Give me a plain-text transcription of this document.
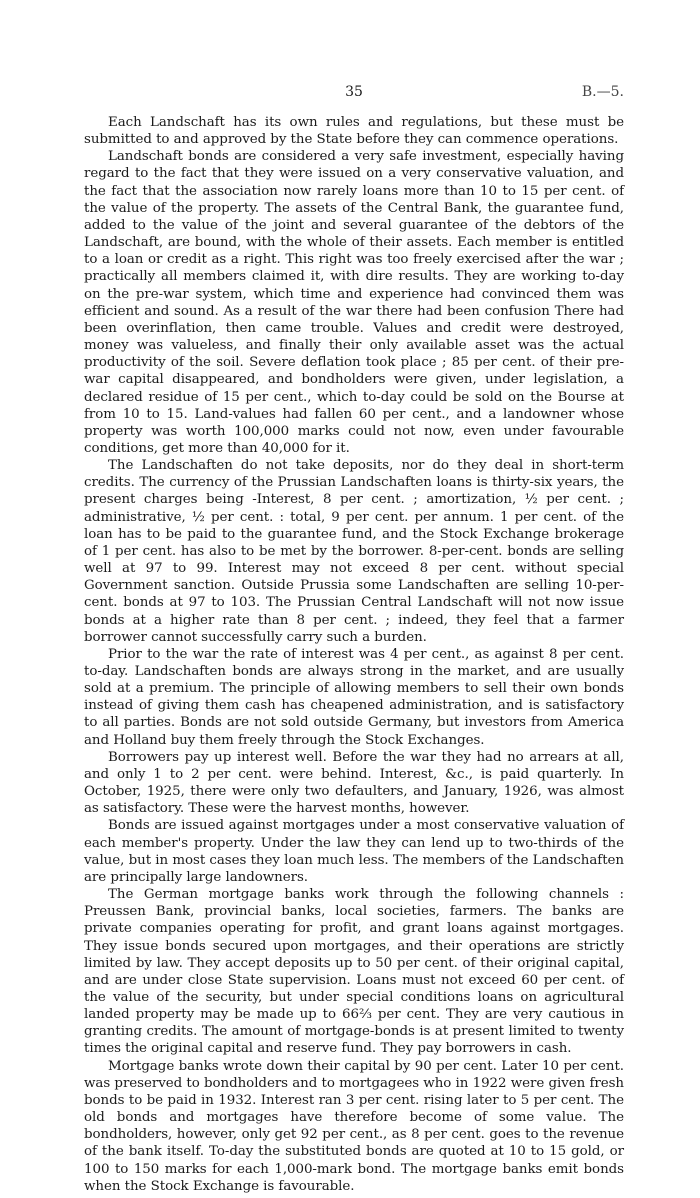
35	B.—5.

Each Landschaft has its own rules and regulations, but these must be submitted to and approved by the State before they can commence operations.

Landschaft bonds are considered a very safe investment, especially having regard to the fact that they were issued on a very conservative valuation, and the fact that the association now rarely loans more than 10 to 15 per cent. of the value of the property. The assets of the Central Bank, the guarantee fund, added to the value of the joint and several guarantee of the debtors of the Landschaft, are bound, with the whole of their assets. Each member is entitled to a loan or credit as a right. This right was too freely exercised after the war ; practically all members claimed it, with dire results. They are working to-day on the pre-war system, which time and experience had convinced them was efficient and sound. As a result of the war there had been confusion There had been overinflation, then came trouble. Values and credit were destroyed, money was valueless, and finally their only available asset was the actual productivity of the soil. Severe deflation took place ; 85 per cent. of their pre-war capital disappeared, and bondholders were given, under legislation, a declared residue of 15 per cent., which to-day could be sold on the Bourse at from 10 to 15. Land-values had fallen 60 per cent., and a landowner whose property was worth 100,000 marks could not now, even under favourable conditions, get more than 40,000 for it.

The Landschaften do not take deposits, nor do they deal in short-term credits. The currency of the Prussian Landschaften loans is thirty-six years, the present charges being -Interest, 8 per cent. ; amortization, ½ per cent. ; administrative, ½ per cent. : total, 9 per cent. per annum. 1 per cent. of the loan has to be paid to the guarantee fund, and the Stock Exchange brokerage of 1 per cent. has also to be met by the borrower. 8-per-cent. bonds are selling well at 97 to 99. Interest may not exceed 8 per cent. without special Government sanction. Outside Prussia some Landschaften are selling 10-per-cent. bonds at 97 to 103. The Prussian Central Landschaft will not now issue bonds at a higher rate than 8 per cent. ; indeed, they feel that a farmer borrower cannot successfully carry such a burden.

Prior to the war the rate of interest was 4 per cent., as against 8 per cent. to-day. Landschaften bonds are always strong in the market, and are usually sold at a premium. The principle of allowing members to sell their own bonds instead of giving them cash has cheapened administration, and is satisfactory to all parties. Bonds are not sold outside Germany, but investors from America and Holland buy them freely through the Stock Exchanges.

Borrowers pay up interest well. Before the war they had no arrears at all, and only 1 to 2 per cent. were behind. Interest, &c., is paid quarterly. In October, 1925, there were only two defaulters, and January, 1926, was almost as satisfactory. These were the harvest months, however.

Bonds are issued against mortgages under a most conservative valuation of each member's property. Under the law they can lend up to two-thirds of the value, but in most cases they loan much less. The members of the Landschaften are principally large landowners.

The German mortgage banks work through the following channels : Preussen Bank, provincial banks, local societies, farmers. The banks are private companies operating for profit, and grant loans against mortgages. They issue bonds secured upon mortgages, and their operations are strictly limited by law. They accept deposits up to 50 per cent. of their original capital, and are under close State supervision. Loans must not exceed 60 per cent. of the value of the security, but under special conditions loans on agricultural landed property may be made up to 66⅔ per cent. They are very cautious in granting credits. The amount of mortgage-bonds is at present limited to twenty times the original capital and reserve fund. They pay borrowers in cash.

Mortgage banks wrote down their capital by 90 per cent. Later 10 per cent. was preserved to bondholders and to mortgagees who in 1922 were given fresh bonds to be paid in 1932. Interest ran 3 per cent. rising later to 5 per cent. The old bonds and mortgages have therefore become of some value. The bondholders, however, only get 92 per cent., as 8 per cent. goes to the revenue of the bank itself. To-day the substituted bonds are quoted at 10 to 15 gold, or 100 to 150 marks for each 1,000-mark bond. The mortgage banks emit bonds when the Stock Exchange is favourable.
